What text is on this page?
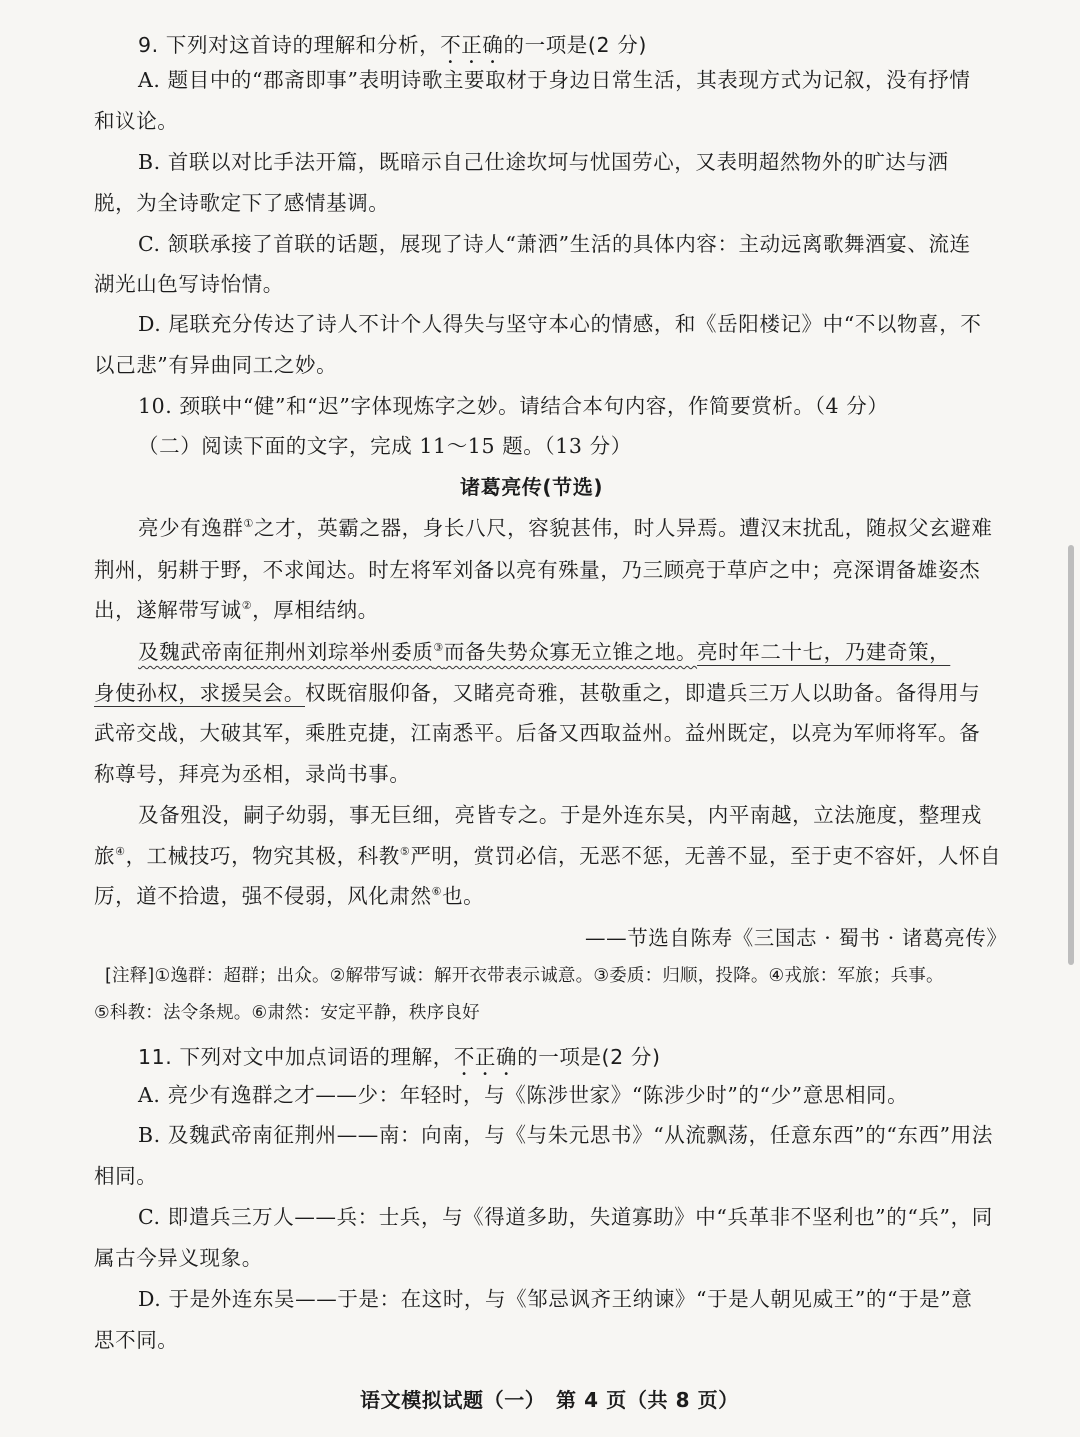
9. 下列对这首诗的理解和分析，不正确的一项是(2 分)
A. 题目中的“郡斋即事”表明诗歌主要取材于身边日常生活，其表现方式为记叙，没有抒情
和议论。
B. 首联以对比手法开篇，既暗示自己仕途坎坷与忧国劳心，又表明超然物外的旷达与洒
脱，为全诗歌定下了感情基调。
C. 颔联承接了首联的话题，展现了诗人“萧洒”生活的具体内容：主动远离歌舞酒宴、流连
湖光山色写诗怡情。
D. 尾联充分传达了诗人不计个人得失与坚守本心的情感，和《岳阳楼记》中“不以物喜，不
以己悲”有异曲同工之妙。
10. 颈联中“健”和“迟”字体现炼字之妙。请结合本句内容，作简要赏析。（4 分）
（二）阅读下面的文字，完成 11～15 题。（13 分）
诸葛亮传(节选)
亮少有逸群①之才，英霸之器，身长八尺，容貌甚伟，时人异焉。遭汉末扰乱，随叔父玄避难
荆州，躬耕于野，不求闻达。时左将军刘备以亮有殊量，乃三顾亮于草庐之中；亮深谓备雄姿杰
出，遂解带写诚②，厚相结纳。
及魏武帝南征荆州刘琮举州委质③而备失势众寡无立锥之地。亮时年二十七，乃建奇策，
身使孙权，求援吴会。权既宿服仰备，又睹亮奇雅，甚敬重之，即遣兵三万人以助备。备得用与
武帝交战，大破其军，乘胜克捷，江南悉平。后备又西取益州。益州既定，以亮为军师将军。备
称尊号，拜亮为丞相，录尚书事。
及备殂没，嗣子幼弱，事无巨细，亮皆专之。于是外连东吴，内平南越，立法施度，整理戎
旅④，工械技巧，物究其极，科教⑤严明，赏罚必信，无恶不惩，无善不显，至于吏不容奸，人怀自
厉，道不拾遗，强不侵弱，风化肃然⑥也。
——节选自陈寿《三国志 · 蜀书 · 诸葛亮传》
[注释]①逸群：超群；出众。②解带写诚：解开衣带表示诚意。③委质：归顺，投降。④戎旅：军旅；兵事。
⑤科教：法令条规。⑥肃然：安定平静，秩序良好
11. 下列对文中加点词语的理解，不正确的一项是(2 分)
A. 亮少有逸群之才——少：年轻时，与《陈涉世家》“陈涉少时”的“少”意思相同。
B. 及魏武帝南征荆州——南：向南，与《与朱元思书》“从流飘荡，任意东西”的“东西”用法
相同。
C. 即遣兵三万人——兵：士兵，与《得道多助，失道寡助》中“兵革非不坚利也”的“兵”，同
属古今异义现象。
D. 于是外连东吴——于是：在这时，与《邹忌讽齐王纳谏》“于是人朝见威王”的“于是”意
思不同。
语文模拟试题（一）　第 4 页（共 8 页）
